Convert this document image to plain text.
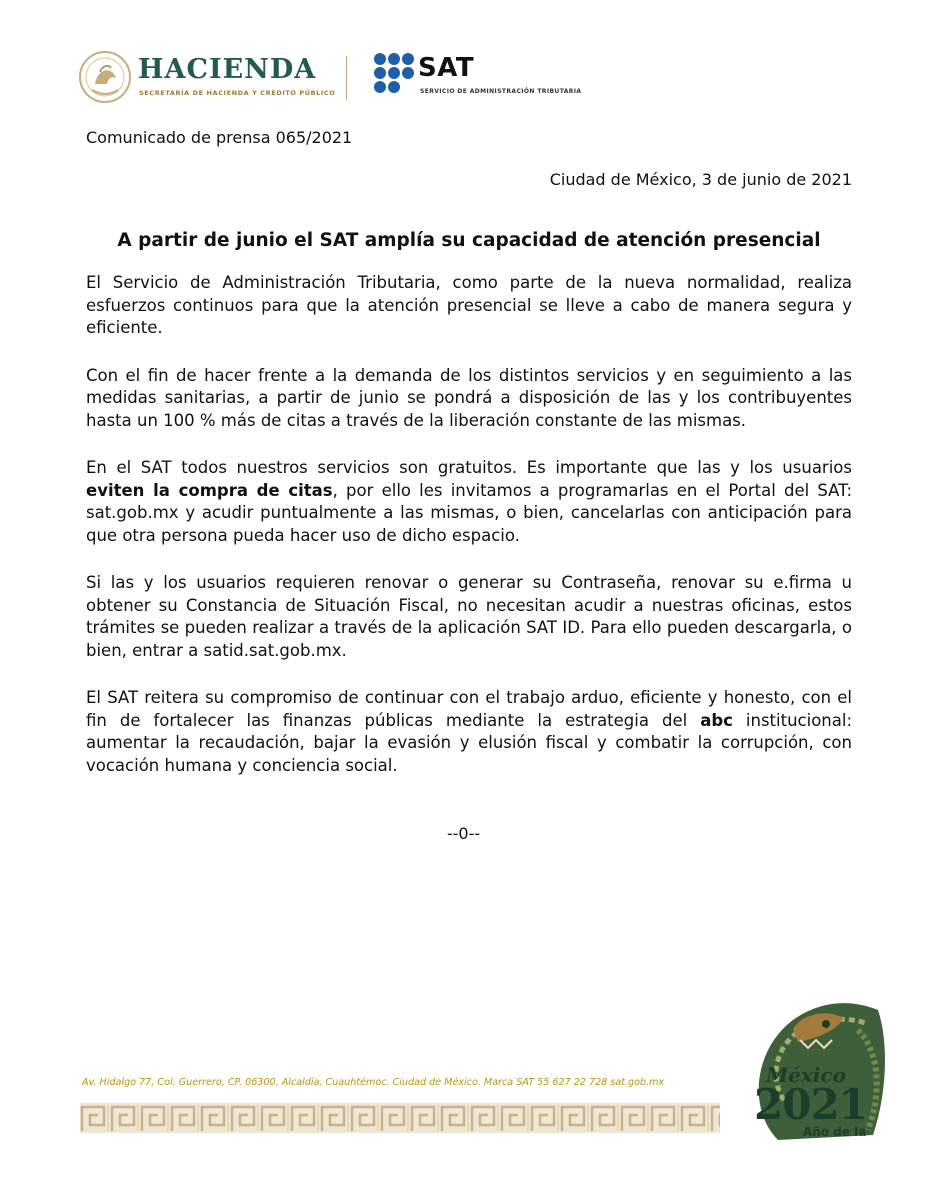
HACIENDA
SECRETARÍA DE HACIENDA Y CRÉDITO PÚBLICO
SAT
SERVICIO DE ADMINISTRACIÓN TRIBUTARIA
Comunicado de prensa 065/2021
Ciudad de México, 3 de junio de 2021
A partir de junio el SAT amplía su capacidad de atención presencial

El Servicio de Administración Tributaria, como parte de la nueva normalidad, realiza esfuerzos continuos para que la atención presencial se lleve a cabo de manera segura y eficiente.

Con el fin de hacer frente a la demanda de los distintos servicios y en seguimiento a las medidas sanitarias, a partir de junio se pondrá a disposición de las y los contribuyentes hasta un 100 % más de citas a través de la liberación constante de las mismas.

En el SAT todos nuestros servicios son gratuitos. Es importante que las y los usuarios eviten la compra de citas, por ello les invitamos a programarlas en el Portal del SAT: sat.gob.mx y acudir puntualmente a las mismas, o bien, cancelarlas con anticipación para que otra persona pueda hacer uso de dicho espacio.

Si las y los usuarios requieren renovar o generar su Contraseña, renovar su e.firma u obtener su Constancia de Situación Fiscal, no necesitan acudir a nuestras oficinas, estos trámites se pueden realizar a través de la aplicación SAT ID. Para ello pueden descargarla, o bien, entrar a satid.sat.gob.mx.

El SAT reitera su compromiso de continuar con el trabajo arduo, eficiente y honesto, con el fin de fortalecer las finanzas públicas mediante la estrategia del abc institucional: aumentar la recaudación, bajar la evasión y elusión fiscal y combatir la corrupción, con vocación humana y conciencia social.

--0--
Av. Hidalgo 77, Col. Guerrero, CP. 06300, Alcaldía, Cuauhtémoc. Ciudad de México. Marca SAT 55 627 22 728 sat.gob.mx	México
2021
Año de la
